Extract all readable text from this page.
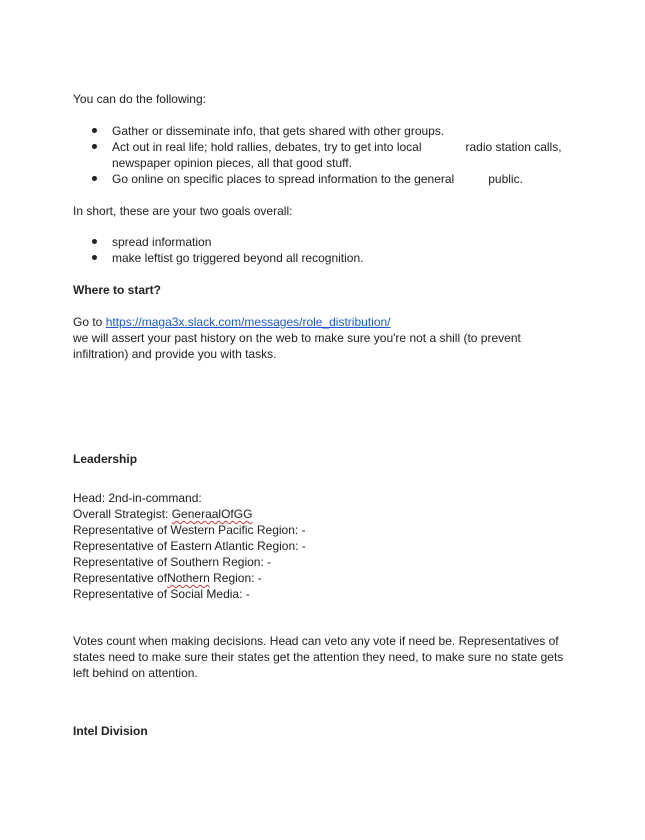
You can do the following:
Gather or disseminate info, that gets shared with other groups.
Act out in real life; hold rallies, debates, try to get into local	radio station calls,
newspaper opinion pieces, all that good stuff.
Go online on specific places to spread information to the general	public.
In short, these are your two goals overall:
spread information
make leftist go triggered beyond all recognition.
Where to start?
Go to https://maga3x.slack.com/messages/role_distribution/
we will assert your past history on the web to make sure you're not a shill (to prevent
infiltration) and provide you with tasks.
Leadership
Head: 2nd-in-command:
Overall Strategist: GeneraalOfGG
Representative of Western Pacific Region: -
Representative of Eastern Atlantic Region: -
Representative of Southern Region: -
Representative ofNothern Region: -
Representative of Social Media: -
Votes count when making decisions. Head can veto any vote if need be. Representatives of
states need to make sure their states get the attention they need, to make sure no state gets
left behind on attention.
Intel Division
